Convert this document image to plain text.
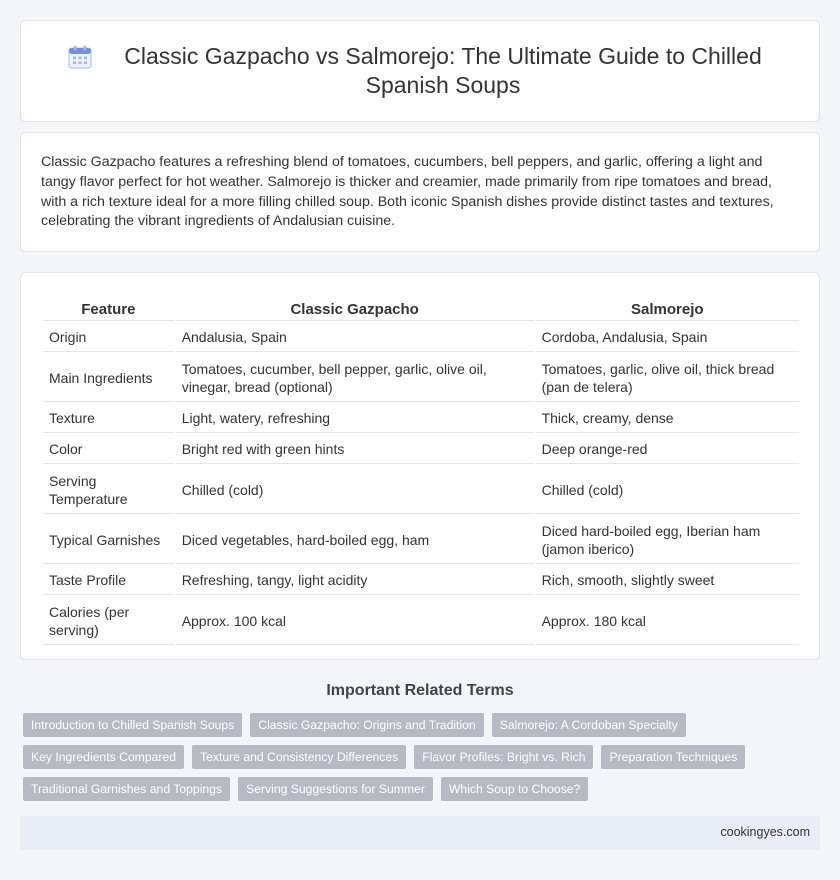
Classic Gazpacho vs Salmorejo: The Ultimate Guide to Chilled Spanish Soups

Classic Gazpacho features a refreshing blend of tomatoes, cucumbers, bell peppers, and garlic, offering a light and tangy flavor perfect for hot weather. Salmorejo is thicker and creamier, made primarily from ripe tomatoes and bread, with a rich texture ideal for a more filling chilled soup. Both iconic Spanish dishes provide distinct tastes and textures, celebrating the vibrant ingredients of Andalusian cuisine.

Feature	Classic Gazpacho	Salmorejo
Origin	Andalusia, Spain	Cordoba, Andalusia, Spain
Main Ingredients	Tomatoes, cucumber, bell pepper, garlic, olive oil, vinegar, bread (optional)	Tomatoes, garlic, olive oil, thick bread (pan de telera)
Texture	Light, watery, refreshing	Thick, creamy, dense
Color	Bright red with green hints	Deep orange-red
Serving Temperature	Chilled (cold)	Chilled (cold)
Typical Garnishes	Diced vegetables, hard-boiled egg, ham	Diced hard-boiled egg, Iberian ham (jamon iberico)
Taste Profile	Refreshing, tangy, light acidity	Rich, smooth, slightly sweet
Calories (per serving)	Approx. 100 kcal	Approx. 180 kcal
Important Related Terms
Introduction to Chilled Spanish Soups	Classic Gazpacho: Origins and Tradition	Salmorejo: A Cordoban Specialty
Key Ingredients Compared	Texture and Consistency Differences	Flavor Profiles: Bright vs. Rich	Preparation Techniques
Traditional Garnishes and Toppings	Serving Suggestions for Summer	Which Soup to Choose?
cookingyes.com
